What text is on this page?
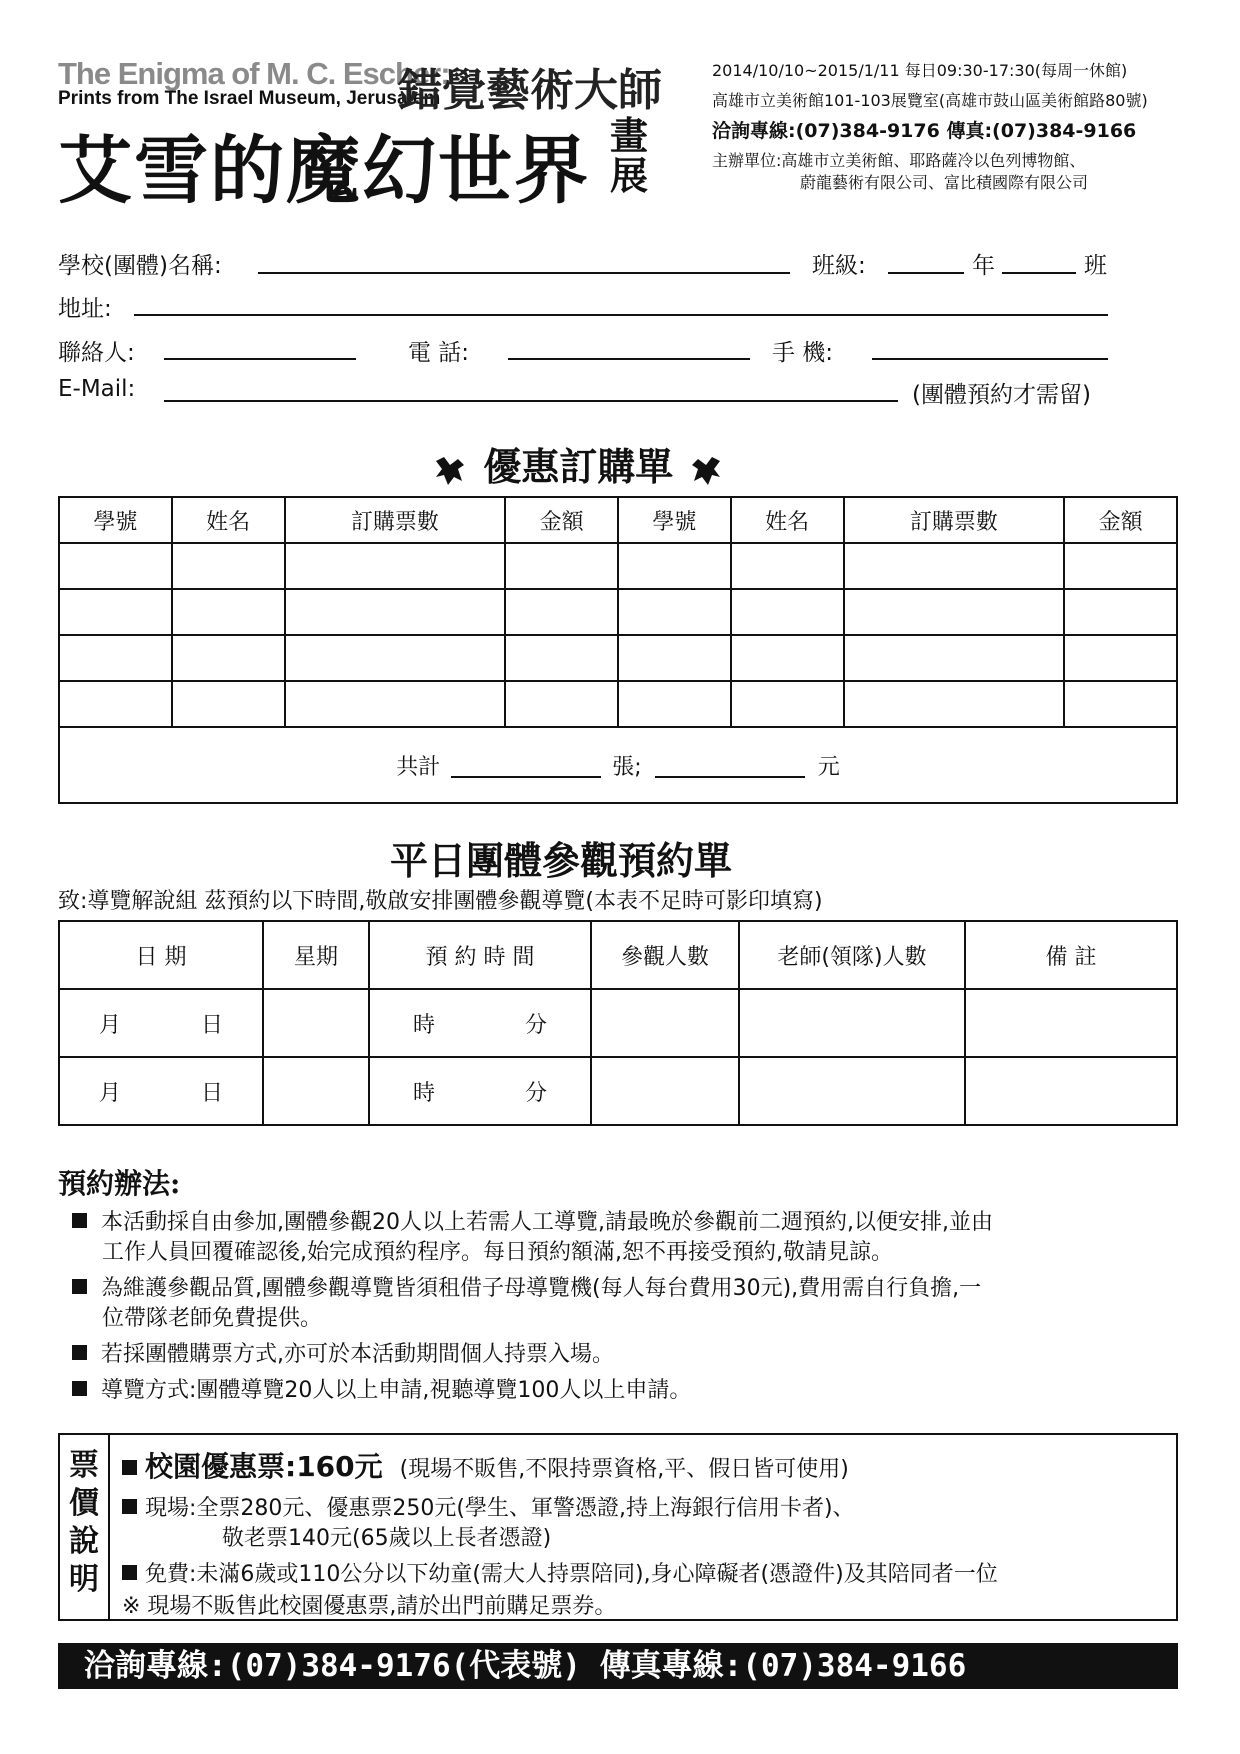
The Enigma of M. C. Escher:
Prints from The Israel Museum, Jerusalem
錯覺藝術大師
艾雪的魔幻世界 畫展
2014/10/10~2015/1/11 每日09:30-17:30(每周一休館)
高雄市立美術館101-103展覽室(高雄市鼓山區美術館路80號)
洽詢專線:(07)384-9176 傳真:(07)384-9166
主辦單位:高雄市立美術館、耶路薩冷以色列博物館、
蔚龍藝術有限公司、富比積國際有限公司
學校(團體)名稱:	班級:	年	班
地址:
聯絡人:	電 話:	手 機:
E-Mail:	(團體預約才需留)
優惠訂購單
學號	姓名	訂購票數	金額	學號	姓名	訂購票數	金額

共計 張; 元							
平日團體參觀預約單
致:導覽解說組 茲預約以下時間,敬啟安排團體參觀導覽(本表不足時可影印填寫)
日 期	星期	預 約 時 間	參觀人數	老師(領隊)人數	備 註
月 日		時 分			
月 日		時 分			
預約辦法:
本活動採自由參加,團體參觀20人以上若需人工導覽,請最晚於參觀前二週預約,以便安排,並由
工作人員回覆確認後,始完成預約程序。每日預約額滿,恕不再接受預約,敬請見諒。
為維護參觀品質,團體參觀導覽皆須租借子母導覽機(每人每台費用30元),費用需自行負擔,一
位帶隊老師免費提供。
若採團體購票方式,亦可於本活動期間個人持票入場。
導覽方式:團體導覽20人以上申請,視聽導覽100人以上申請。
票價說明
校園優惠票:160元 (現場不販售,不限持票資格,平、假日皆可使用)
現場:全票280元、優惠票250元(學生、軍警憑證,持上海銀行信用卡者)、
敬老票140元(65歲以上長者憑證)
免費:未滿6歲或110公分以下幼童(需大人持票陪同),身心障礙者(憑證件)及其陪同者一位
※ 現場不販售此校園優惠票,請於出門前購足票券。
洽詢專線:(07)384-9176(代表號) 傳真專線:(07)384-9166
